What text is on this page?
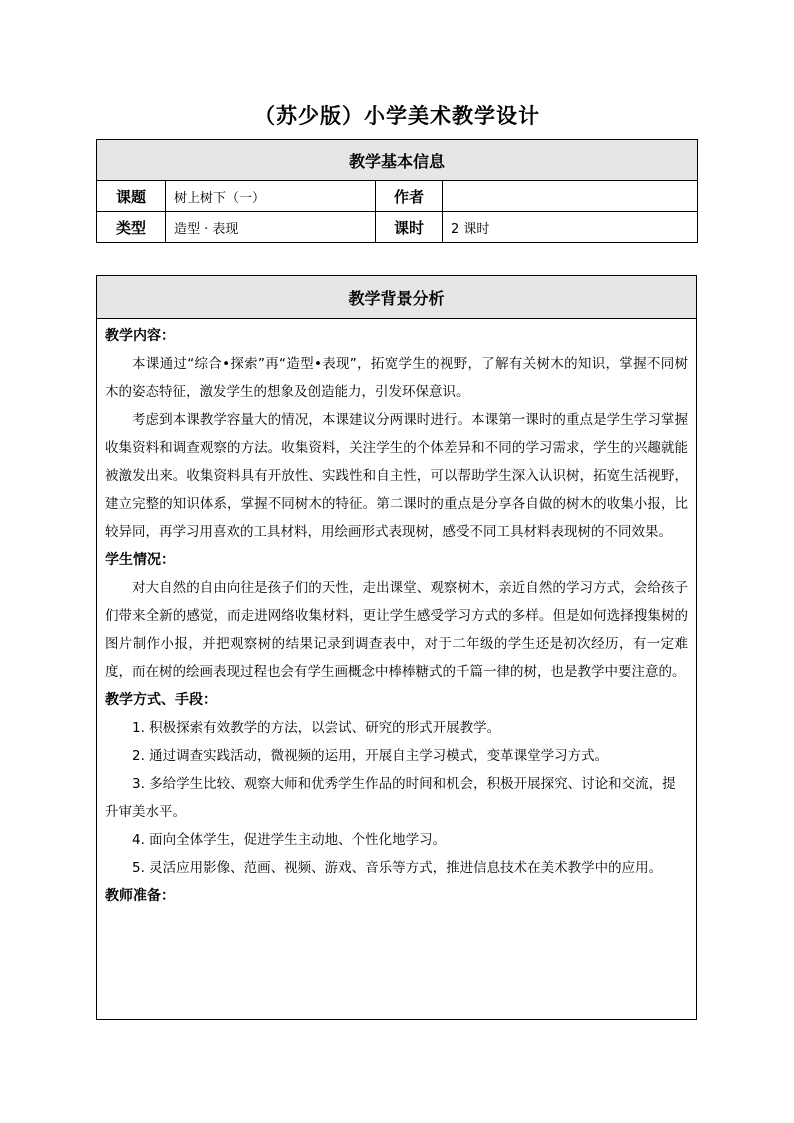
（苏少版）小学美术教学设计
教学基本信息			
课题	树上树下（一）	作者	
类型	造型 · 表现	课时	2 课时
教学背景分析

教学内容：

本课通过“综合•探索”再“造型•表现”，拓宽学生的视野，了解有关树木的知识，掌握不同树木的姿态特征，激发学生的想象及创造能力，引发环保意识。

考虑到本课教学容量大的情况，本课建议分两课时进行。本课第一课时的重点是学生学习掌握收集资料和调查观察的方法。收集资料，关注学生的个体差异和不同的学习需求，学生的兴趣就能被激发出来。收集资料具有开放性、实践性和自主性，可以帮助学生深入认识树，拓宽生活视野，建立完整的知识体系，掌握不同树木的特征。第二课时的重点是分享各自做的树木的收集小报，比较异同，再学习用喜欢的工具材料，用绘画形式表现树，感受不同工具材料表现树的不同效果。

学生情况：

对大自然的自由向往是孩子们的天性，走出课堂、观察树木，亲近自然的学习方式，会给孩子们带来全新的感觉，而走进网络收集材料，更让学生感受学习方式的多样。但是如何选择搜集树的图片制作小报，并把观察树的结果记录到调查表中，对于二年级的学生还是初次经历，有一定难度，而在树的绘画表现过程也会有学生画概念中棒棒糖式的千篇一律的树，也是教学中要注意的。

教学方式、手段：

1. 积极探索有效教学的方法，以尝试、研究的形式开展教学。

2. 通过调查实践活动，微视频的运用，开展自主学习模式，变革课堂学习方式。

3. 多给学生比较、观察大师和优秀学生作品的时间和机会，积极开展探究、讨论和交流，提升审美水平。

4. 面向全体学生，促进学生主动地、个性化地学习。

5. 灵活应用影像、范画、视频、游戏、音乐等方式，推进信息技术在美术教学中的应用。

教师准备：
